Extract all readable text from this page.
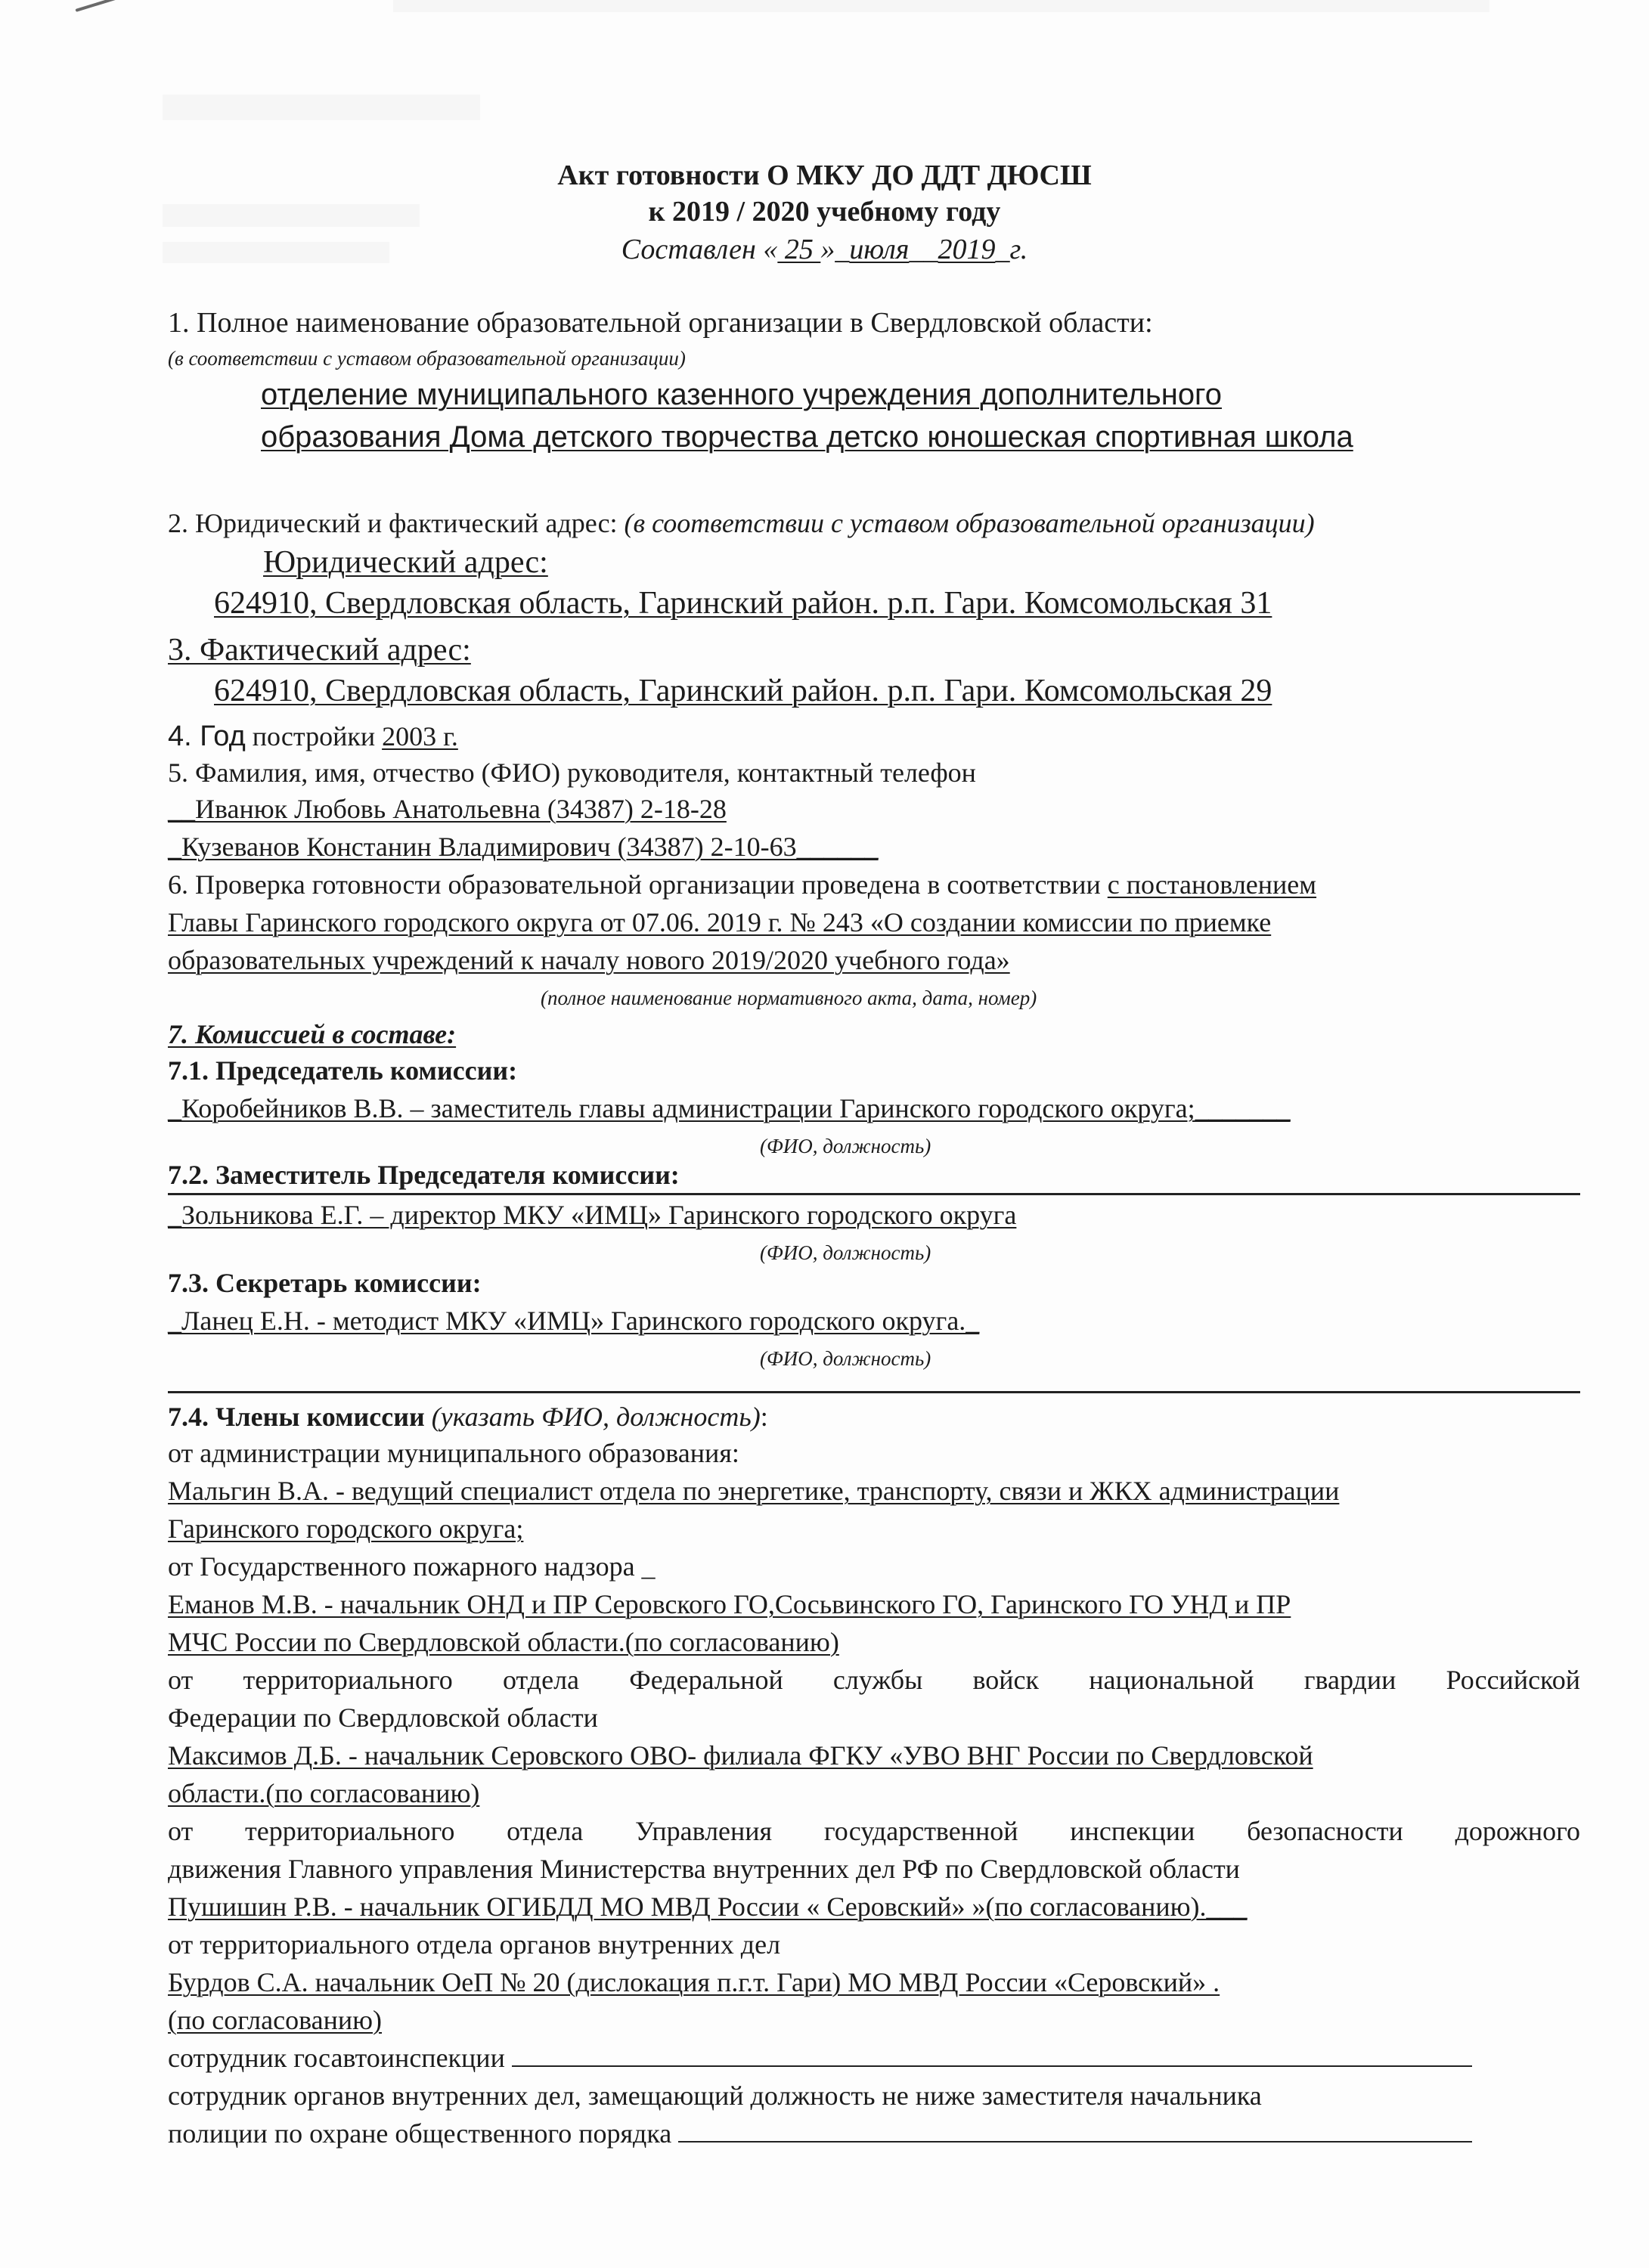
Акт готовности О МКУ ДО ДДТ ДЮСШ
к 2019 / 2020 учебному году
Составлен « 25 »_июля__2019_г.
1. Полное наименование образовательной организации в Свердловской области:
(в соответствии с уставом образовательной организации)
отделение муниципального казенного учреждения дополнительного
образования Дома детского творчества детско юношеская спортивная школа
2. Юридический и фактический адрес: (в соответствии с уставом образовательной организации)
Юридический адрес:
624910, Свердловская область, Гаринский район. р.п. Гари. Комсомольская 31
3. Фактический адрес:
624910, Свердловская область, Гаринский район. р.п. Гари. Комсомольская 29
4. Год постройки 2003 г.
5. Фамилия, имя, отчество (ФИО) руководителя, контактный телефон
__Иванюк Любовь Анатольевна (34387) 2-18-28
_Кузеванов Констанин Владимирович (34387) 2-10-63______
6. Проверка готовности образовательной организации проведена в соответствии с постановлением
Главы Гаринского городского округа от 07.06. 2019 г. № 243 «О создании комиссии по приемке
образовательных учреждений к началу нового 2019/2020 учебного года»
(полное наименование нормативного акта, дата, номер)
7. Комиссией в составе:
7.1. Председатель комиссии:
_Коробейников В.В. – заместитель главы администрации Гаринского городского округа;_______
(ФИО, должность)
7.2. Заместитель Председателя комиссии:
_Зольникова Е.Г. – директор МКУ «ИМЦ» Гаринского городского округа
(ФИО, должность)
7.3. Секретарь комиссии:
_Ланец Е.Н. - методист МКУ «ИМЦ» Гаринского городского округа._
(ФИО, должность)
7.4. Члены комиссии (указать ФИО, должность):
от администрации муниципального образования:
Мальгин В.А. - ведущий специалист отдела по энергетике, транспорту, связи и ЖКХ администрации
Гаринского городского округа;
от Государственного пожарного надзора _
Еманов М.В. - начальник ОНД и ПР Серовского ГО,Сосьвинского ГО, Гаринского ГО УНД и ПР
МЧС России по Свердловской области.(по согласованию)
от территориального отдела Федеральной службы войск национальной гвардии Российской
Федерации по Свердловской области
Максимов Д.Б. - начальник Серовского ОВО- филиала ФГКУ «УВО ВНГ России по Свердловской
области.(по согласованию)
от территориального отдела Управления государственной инспекции безопасности дорожного
движения Главного управления Министерства внутренних дел РФ по Свердловской области
Пушишин Р.В. - начальник ОГИБДД МО МВД России « Серовский» »(по согласованию).___
от территориального отдела органов внутренних дел
Бурдов С.А. начальник ОеП № 20 (дислокация п.г.т. Гари) МО МВД России «Серовский» .
(по согласованию)
сотрудник госавтоинспекции
сотрудник органов внутренних дел, замещающий должность не ниже заместителя начальника
полиции по охране общественного порядка
